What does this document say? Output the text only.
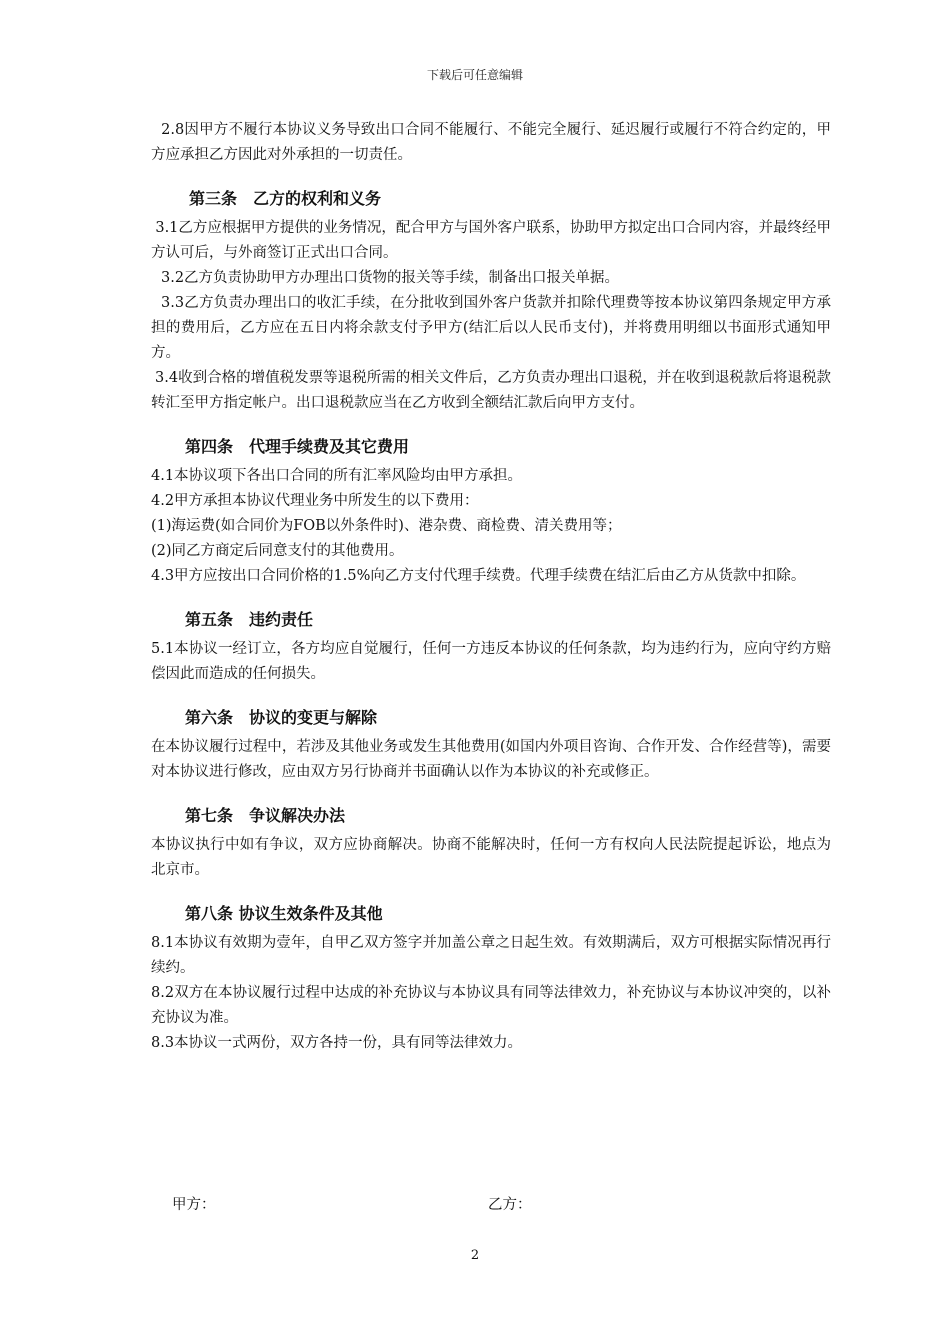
下载后可任意编辑

2.8因甲方不履行本协议义务导致出口合同不能履行、不能完全履行、延迟履行或履行不符合约定的，甲方应承担乙方因此对外承担的一切责任。

第三条　乙方的权利和义务

3.1乙方应根据甲方提供的业务情况，配合甲方与国外客户联系，协助甲方拟定出口合同内容，并最终经甲方认可后，与外商签订正式出口合同。

3.2乙方负责协助甲方办理出口货物的报关等手续，制备出口报关单据。

3.3乙方负责办理出口的收汇手续，在分批收到国外客户货款并扣除代理费等按本协议第四条规定甲方承担的费用后，乙方应在五日内将余款支付予甲方(结汇后以人民币支付)，并将费用明细以书面形式通知甲方。

3.4收到合格的增值税发票等退税所需的相关文件后，乙方负责办理出口退税，并在收到退税款后将退税款转汇至甲方指定帐户。出口退税款应当在乙方收到全额结汇款后向甲方支付。

第四条　代理手续费及其它费用

4.1本协议项下各出口合同的所有汇率风险均由甲方承担。

4.2甲方承担本协议代理业务中所发生的以下费用：

(1)海运费(如合同价为FOB以外条件时)、港杂费、商检费、清关费用等；

(2)同乙方商定后同意支付的其他费用。

4.3甲方应按出口合同价格的1.5%向乙方支付代理手续费。代理手续费在结汇后由乙方从货款中扣除。

第五条　违约责任

5.1本协议一经订立，各方均应自觉履行，任何一方违反本协议的任何条款，均为违约行为，应向守约方赔偿因此而造成的任何损失。

第六条　协议的变更与解除

在本协议履行过程中，若涉及其他业务或发生其他费用(如国内外项目咨询、合作开发、合作经营等)，需要对本协议进行修改，应由双方另行协商并书面确认以作为本协议的补充或修正。

第七条　争议解决办法

本协议执行中如有争议，双方应协商解决。协商不能解决时，任何一方有权向人民法院提起诉讼，地点为北京市。

第八条 协议生效条件及其他

8.1本协议有效期为壹年，自甲乙双方签字并加盖公章之日起生效。有效期满后，双方可根据实际情况再行续约。

8.2双方在本协议履行过程中达成的补充协议与本协议具有同等法律效力，补充协议与本协议冲突的，以补充协议为准。

8.3本协议一式两份，双方各持一份，具有同等法律效力。

甲方：	乙方：
2
